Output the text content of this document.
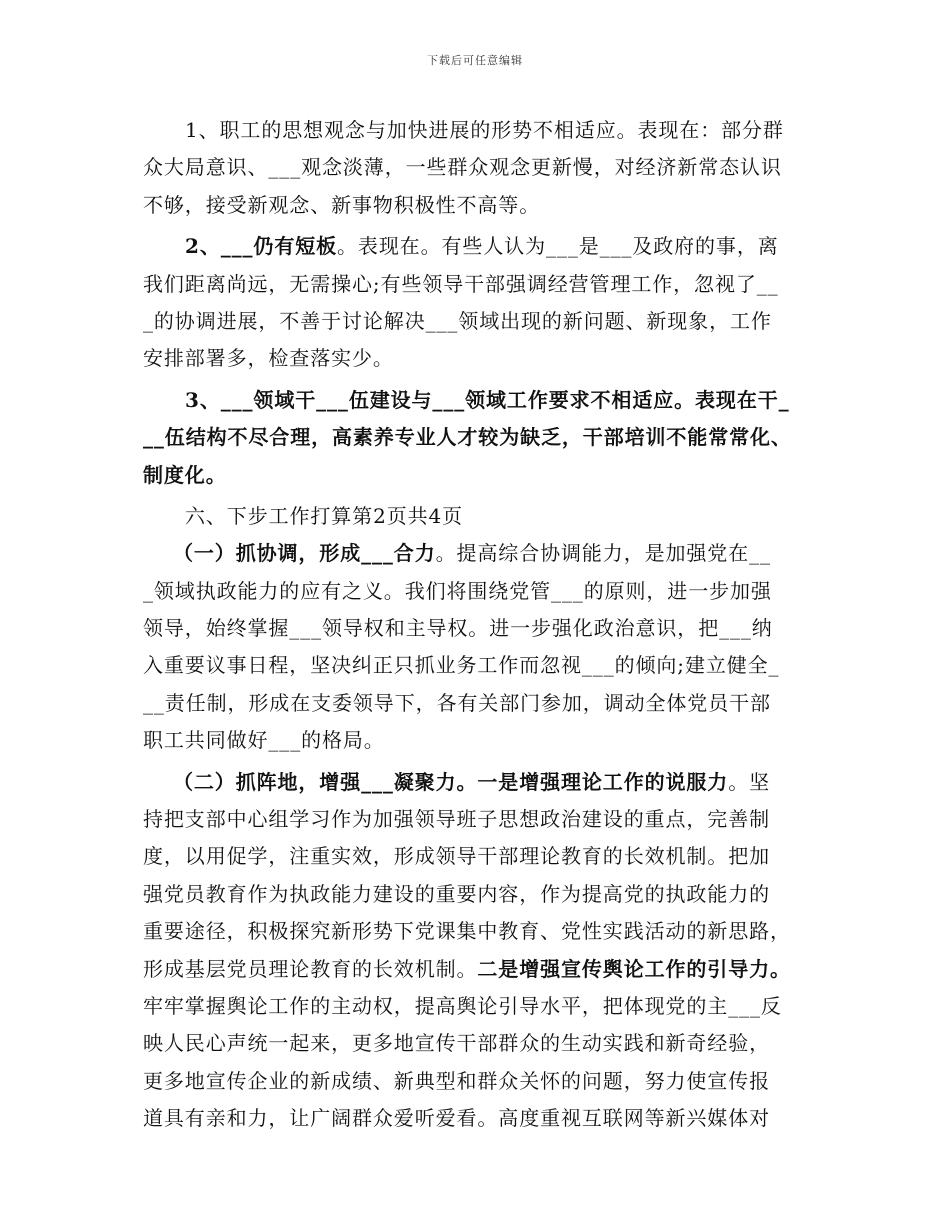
下载后可任意编辑
1、职工的思想观念与加快进展的形势不相适应。表现在：部分群
众大局意识、___观念淡薄，一些群众观念更新慢，对经济新常态认识
不够，接受新观念、新事物积极性不高等。
2、___仍有短板。表现在。有些人认为___是___及政府的事，离
我们距离尚远，无需操心;有些领导干部强调经营管理工作，忽视了__
_的协调进展，不善于讨论解决___领域出现的新问题、新现象，工作
安排部署多，检查落实少。
3、___领域干___伍建设与___领域工作要求不相适应。表现在干_
__伍结构不尽合理，高素养专业人才较为缺乏，干部培训不能常常化、
制度化。
六、下步工作打算第2页共4页
（一）抓协调，形成___合力。提高综合协调能力，是加强党在__
_领域执政能力的应有之义。我们将围绕党管___的原则，进一步加强
领导，始终掌握___领导权和主导权。进一步强化政治意识，把___纳
入重要议事日程，坚决纠正只抓业务工作而忽视___的倾向;建立健全_
__责任制，形成在支委领导下，各有关部门参加，调动全体党员干部
职工共同做好___的格局。
（二）抓阵地，增强___凝聚力。一是增强理论工作的说服力。坚
持把支部中心组学习作为加强领导班子思想政治建设的重点，完善制
度，以用促学，注重实效，形成领导干部理论教育的长效机制。把加
强党员教育作为执政能力建设的重要内容，作为提高党的执政能力的
重要途径，积极探究新形势下党课集中教育、党性实践活动的新思路，
形成基层党员理论教育的长效机制。二是增强宣传舆论工作的引导力。
牢牢掌握舆论工作的主动权，提高舆论引导水平，把体现党的主___反
映人民心声统一起来，更多地宣传干部群众的生动实践和新奇经验，
更多地宣传企业的新成绩、新典型和群众关怀的问题，努力使宣传报
道具有亲和力，让广阔群众爱听爱看。高度重视互联网等新兴媒体对
